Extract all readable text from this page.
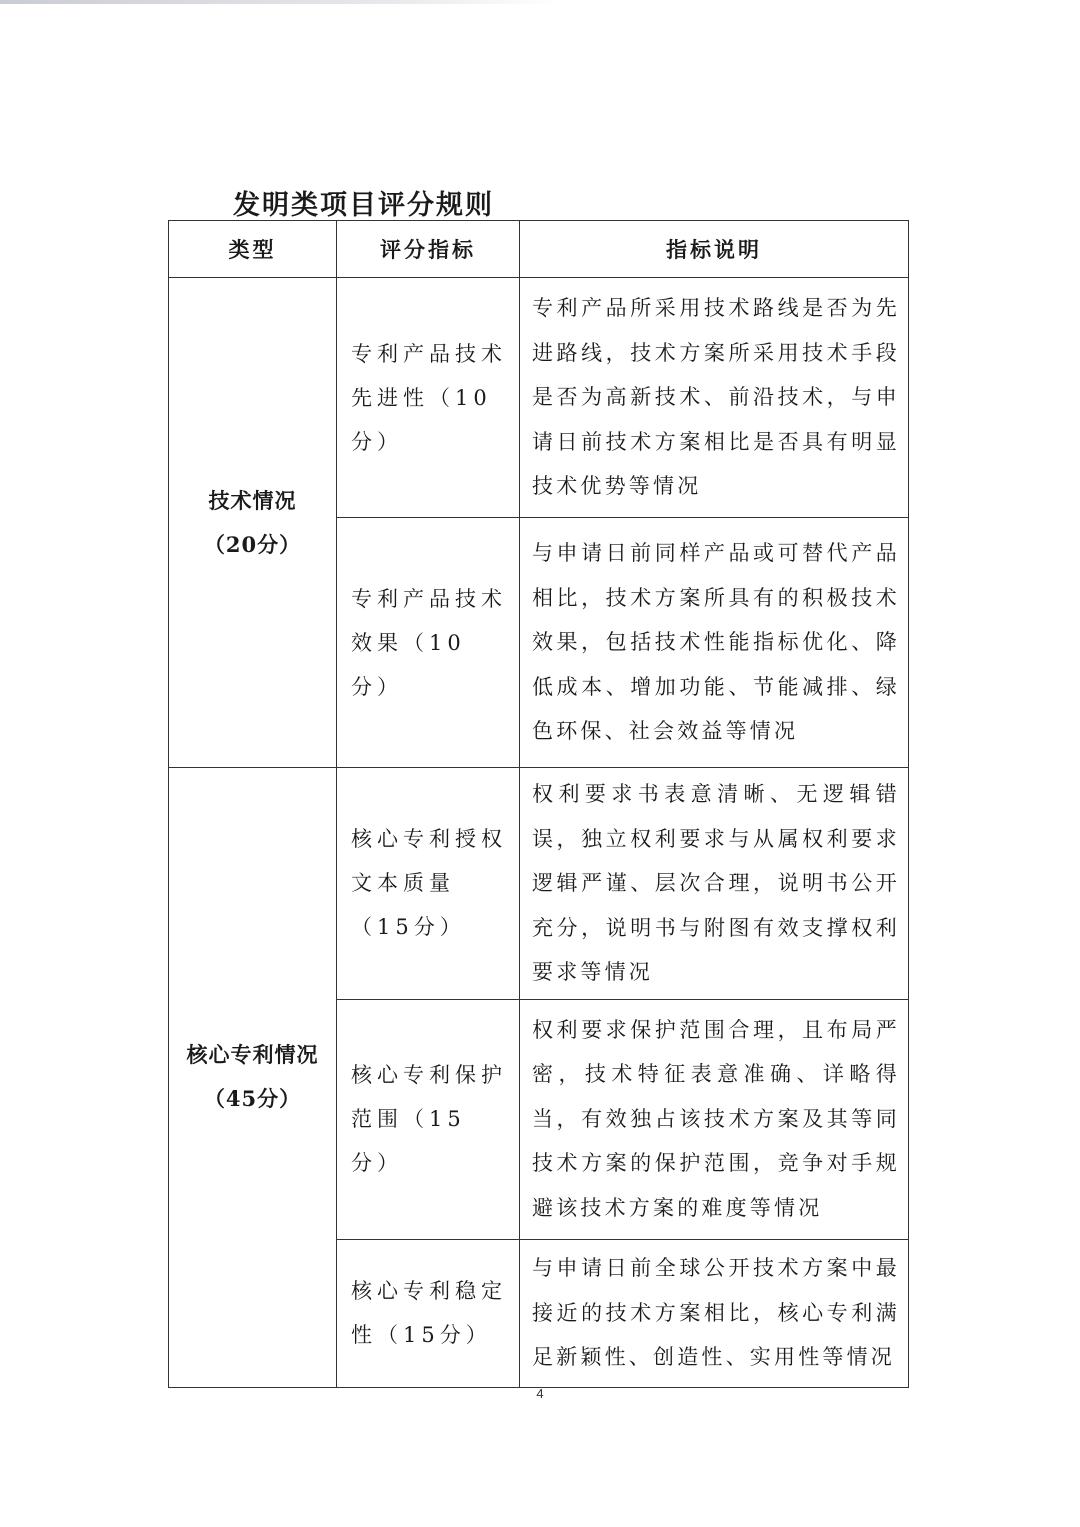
发明类项目评分规则
类型	评分指标	指标说明

技术情况
（20分）	专利产品技术先进性（10分）	专利产品所采用技术路线是否为先进路线，技术方案所采用技术手段是否为高新技术、前沿技术，与申请日前技术方案相比是否具有明显技术优势等情况
	专利产品技术效果（10分）	与申请日前同样产品或可替代产品相比，技术方案所具有的积极技术效果，包括技术性能指标优化、降低成本、增加功能、节能减排、绿色环保、社会效益等情况

核心专利情况
（45分）	核心专利授权文本质量（15分）	权利要求书表意清晰、无逻辑错误，独立权利要求与从属权利要求逻辑严谨、层次合理，说明书公开充分，说明书与附图有效支撑权利要求等情况
	核心专利保护范围（15分）	权利要求保护范围合理，且布局严密，技术特征表意准确、详略得当，有效独占该技术方案及其等同技术方案的保护范围，竞争对手规避该技术方案的难度等情况
	核心专利稳定性（15分）	与申请日前全球公开技术方案中最接近的技术方案相比，核心专利满足新颖性、创造性、实用性等情况
4
